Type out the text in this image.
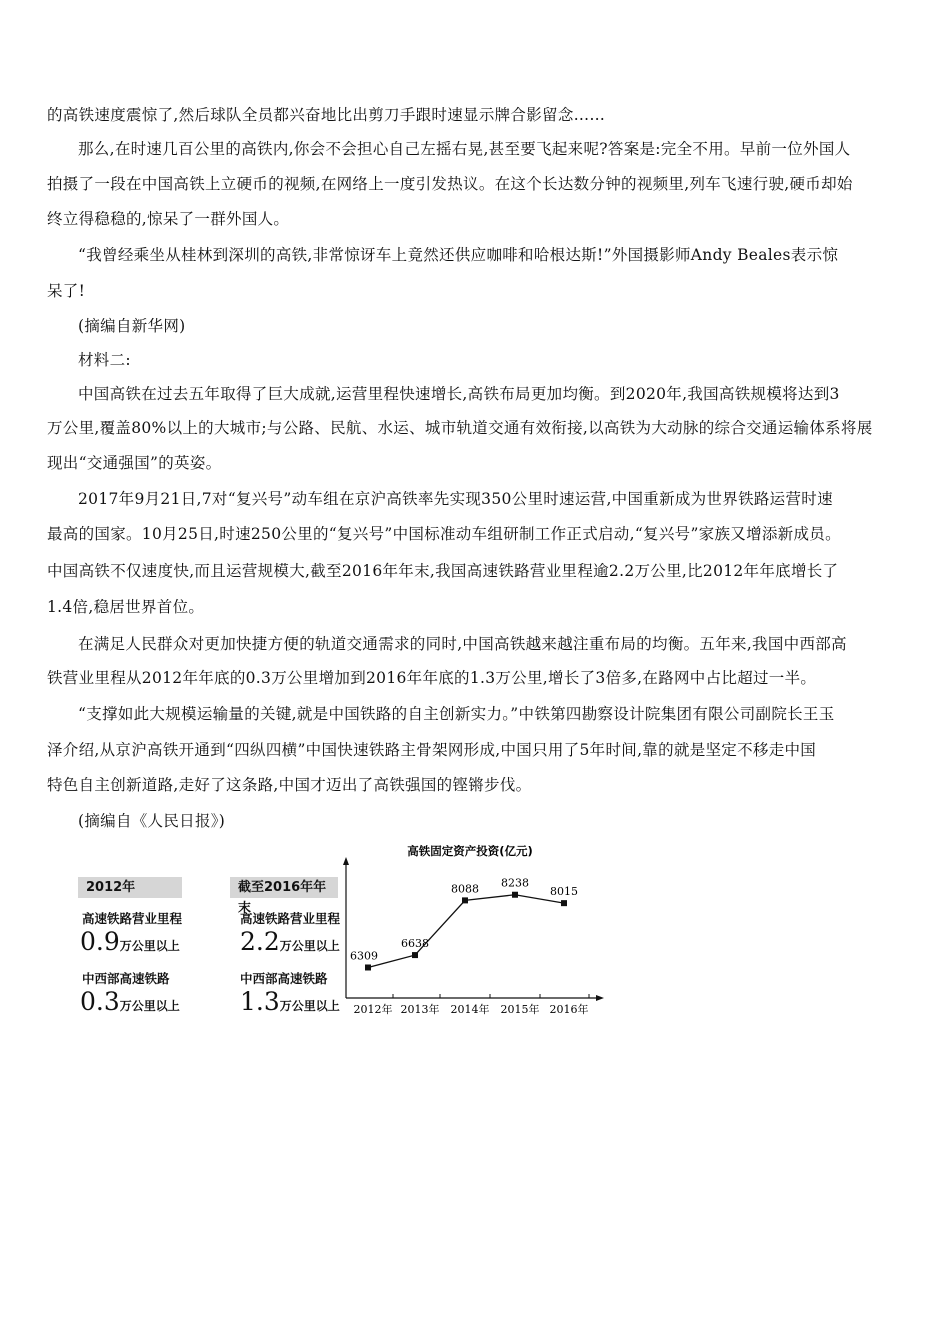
的高铁速度震惊了,然后球队全员都兴奋地比出剪刀手跟时速显示牌合影留念……
那么,在时速几百公里的高铁内,你会不会担心自己左摇右晃,甚至要飞起来呢?答案是:完全不用。早前一位外国人
拍摄了一段在中国高铁上立硬币的视频,在网络上一度引发热议。在这个长达数分钟的视频里,列车飞速行驶,硬币却始
终立得稳稳的,惊呆了一群外国人。
“我曾经乘坐从桂林到深圳的高铁,非常惊讶车上竟然还供应咖啡和哈根达斯!”外国摄影师Andy Beales表示惊
呆了!
(摘编自新华网)
材料二:
中国高铁在过去五年取得了巨大成就,运营里程快速增长,高铁布局更加均衡。到2020年,我国高铁规模将达到3
万公里,覆盖80%以上的大城市;与公路、民航、水运、城市轨道交通有效衔接,以高铁为大动脉的综合交通运输体系将展
现出“交通强国”的英姿。
2017年9月21日,7对“复兴号”动车组在京沪高铁率先实现350公里时速运营,中国重新成为世界铁路运营时速
最高的国家。10月25日,时速250公里的“复兴号”中国标准动车组研制工作正式启动,“复兴号”家族又增添新成员。
中国高铁不仅速度快,而且运营规模大,截至2016年年末,我国高速铁路营业里程逾2.2万公里,比2012年年底增长了
1.4倍,稳居世界首位。
在满足人民群众对更加快捷方便的轨道交通需求的同时,中国高铁越来越注重布局的均衡。五年来,我国中西部高
铁营业里程从2012年年底的0.3万公里增加到2016年年底的1.3万公里,增长了3倍多,在路网中占比超过一半。
“支撑如此大规模运输量的关键,就是中国铁路的自主创新实力。”中铁第四勘察设计院集团有限公司副院长王玉
泽介绍,从京沪高铁开通到“四纵四横”中国快速铁路主骨架网形成,中国只用了5年时间,靠的就是坚定不移走中国
特色自主创新道路,走好了这条路,中国才迈出了高铁强国的铿锵步伐。
(摘编自《人民日报》)
2012年
高速铁路营业里程
0.9万公里以上
中西部高速铁路
0.3万公里以上
截至2016年年末
高速铁路营业里程
2.2万公里以上
中西部高速铁路
1.3万公里以上
高铁固定资产投资(亿元)
6309
2012年
6638
2013年
8088
2014年
8238
2015年
8015
2016年
